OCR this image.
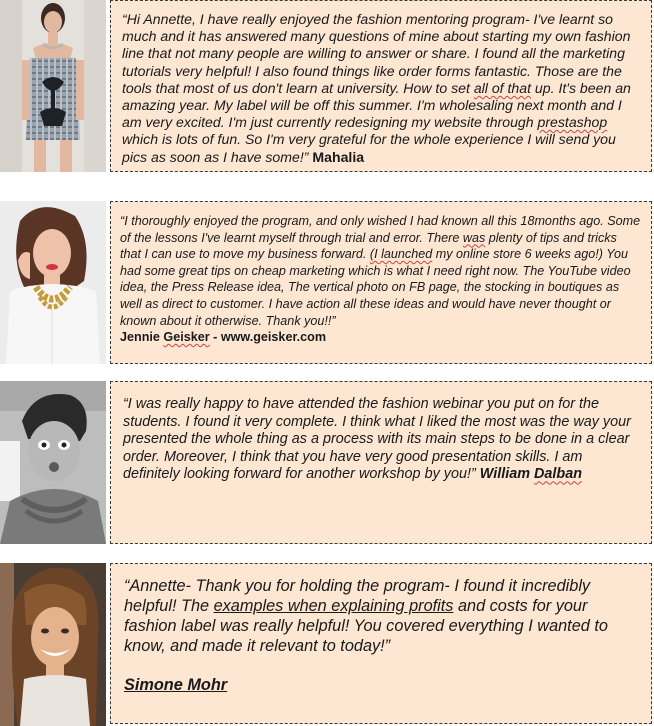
“Hi Annette, I have really enjoyed the fashion mentoring program- I've learnt so much and it has answered many questions of mine about starting my own fashion line that not many people are willing to answer or share. I found all the marketing tutorials very helpful! I also found things like order forms fantastic. Those are the tools that most of us don't learn at university. How to set all of that up. It's been an amazing year. My label will be off this summer. I'm wholesaling next month and I am very excited. I'm just currently redesigning my website through prestashop which is lots of fun. So I'm very grateful for the whole experience I will send you pics as soon as I have some!” Mahalia
“I thoroughly enjoyed the program, and only wished I had known all this 18months ago. Some of the lessons I've learnt myself through trial and error. There was plenty of tips and tricks that I can use to move my business forward. (I launched my online store 6 weeks ago!) You had some great tips on cheap marketing which is what I need right now. The YouTube video idea, the Press Release idea, The vertical photo on FB page, the stocking in boutiques as well as direct to customer. I have action all these ideas and would have never thought or known about it otherwise. Thank you!!”
Jennie Geisker - www.geisker.com
“I was really happy to have attended the fashion webinar you put on for the students. I found it very complete. I think what I liked the most was the way your presented the whole thing as a process with its main steps to be done in a clear order. Moreover, I think that you have very good presentation skills. I am definitely looking forward for another workshop by you!” William Dalban
“Annette- Thank you for holding the program- I found it incredibly helpful! The examples when explaining profits and costs for your fashion label was really helpful! You covered everything I wanted to know, and made it relevant to today!”
Simone Mohr
